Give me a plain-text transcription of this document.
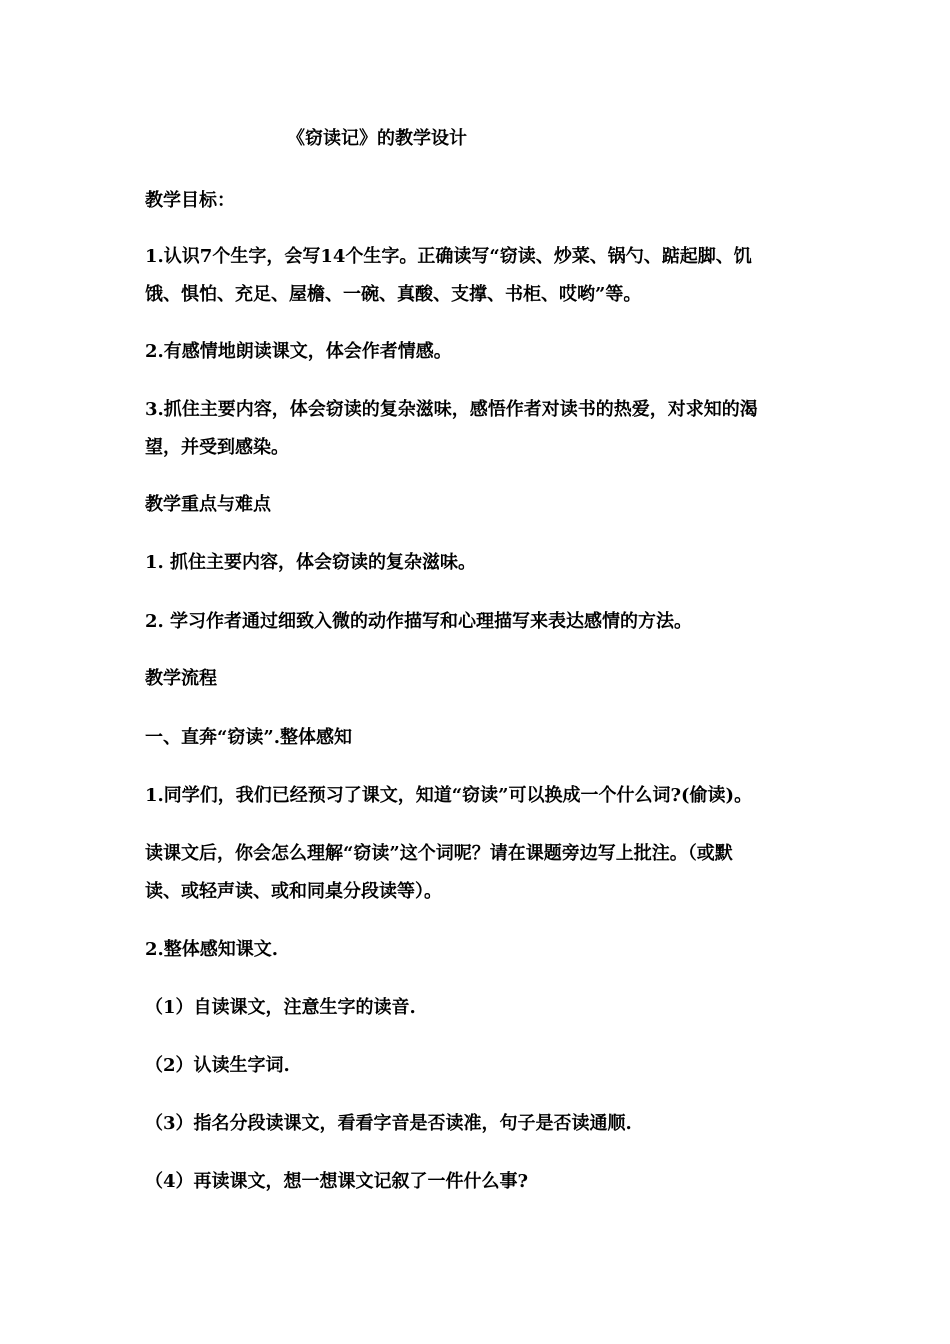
《窃读记》的教学设计
教学目标：
1.认识7个生字，会写14个生字。正确读写“窃读、炒菜、锅勺、踮起脚、饥
饿、惧怕、充足、屋檐、一碗、真酸、支撑、书柜、哎哟”等。
2.有感情地朗读课文，体会作者情感。
3.抓住主要内容，体会窃读的复杂滋味，感悟作者对读书的热爱，对求知的渴
望，并受到感染。
教学重点与难点
1. 抓住主要内容，体会窃读的复杂滋味。
2. 学习作者通过细致入微的动作描写和心理描写来表达感情的方法。
教学流程
一、直奔“窃读”.整体感知
1.同学们，我们已经预习了课文，知道“窃读”可以换成一个什么词?(偷读)。
读课文后，你会怎么理解“窃读”这个词呢？请在课题旁边写上批注。（或默
读、或轻声读、或和同桌分段读等）。
2.整体感知课文.
（1）自读课文，注意生字的读音.
（2）认读生字词.
（3）指名分段读课文，看看字音是否读准，句子是否读通顺.
（4）再读课文，想一想课文记叙了一件什么事?
